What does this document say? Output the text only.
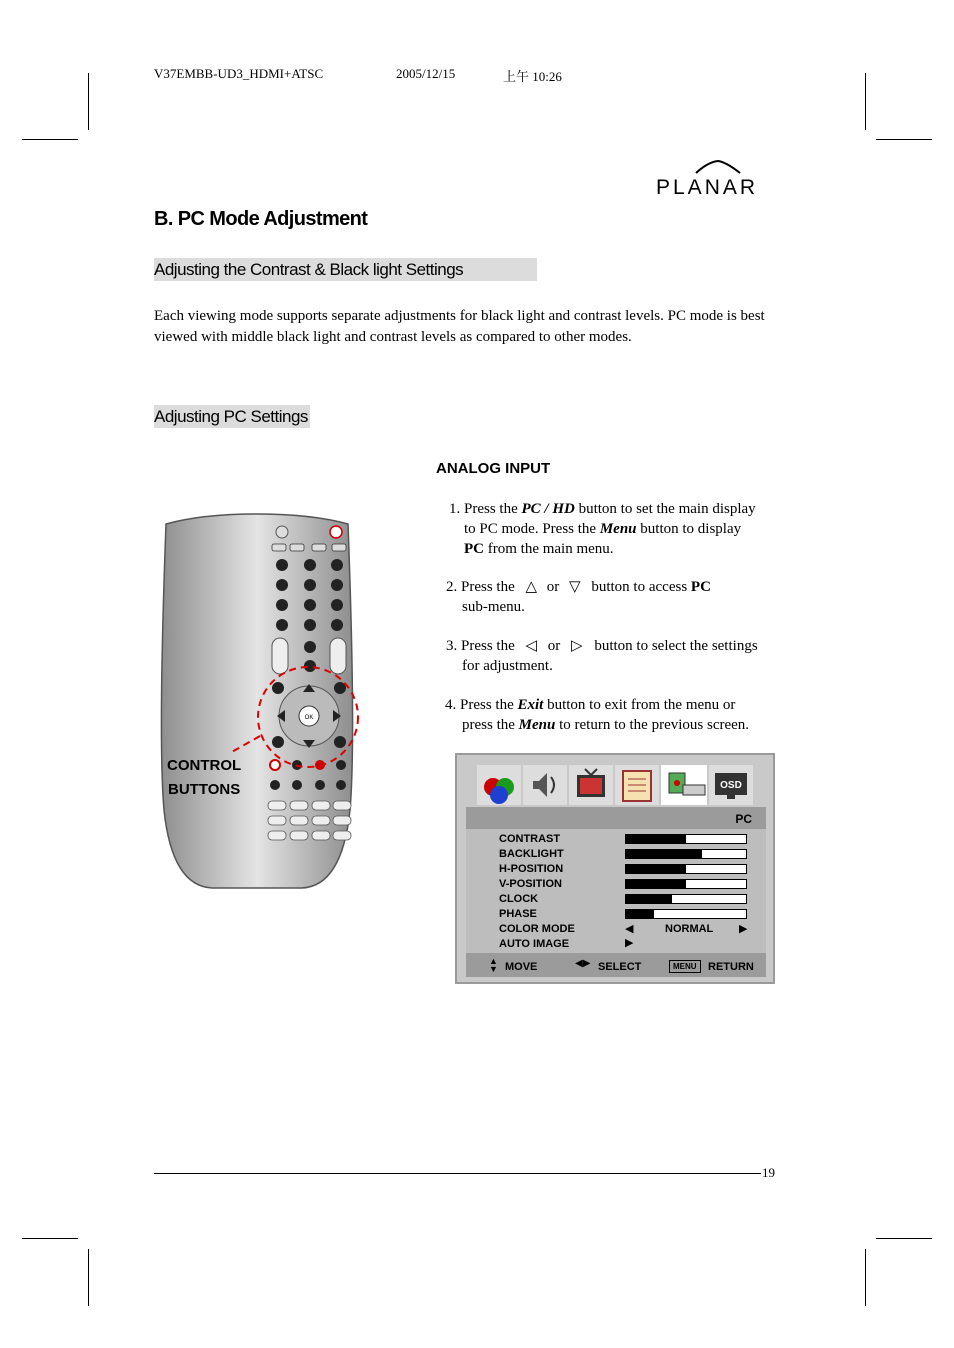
V37EMBB-UD3_HDMI+ATSC	2005/12/15	上午 10:26
PLANAR
B. PC Mode Adjustment
Adjusting the Contrast & Black light Settings
Each viewing mode supports separate adjustments for black light and contrast levels. PC mode is best viewed with middle black light and contrast levels as compared to other modes.
Adjusting PC Settings
ANALOG INPUT
1. Press the PC / HD button to set the main display
to PC mode. Press the Menu button to display
PC from the main menu.
2. Press the △ or ▽ button to access PC
sub-menu.
3. Press the ◁ or ▷ button to select the settings
for adjustment.
4. Press the Exit button to exit from the menu or
press the Menu to return to the previous screen.
OK
CONTROL
BUTTONS	OSD
PC
CONTRAST
BACKLIGHT
H-POSITION
V-POSITION
CLOCK
PHASE
COLOR MODE	◀	NORMAL ▶
AUTO IMAGE	▶
▲
▼ MOVE	◀▶ SELECT	MENU	RETURN
19
